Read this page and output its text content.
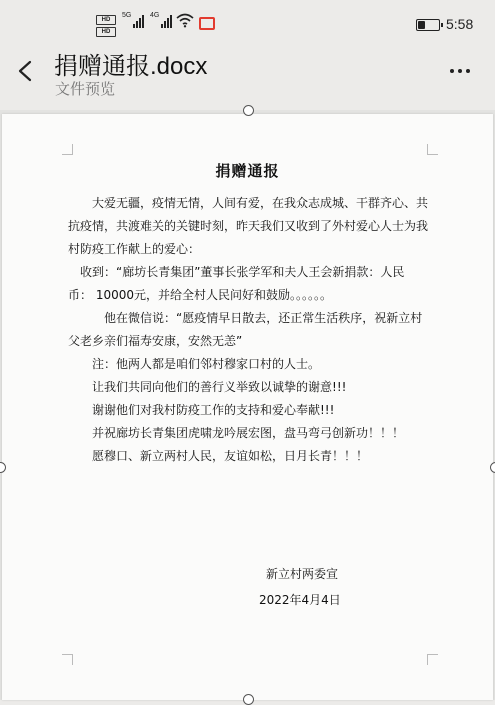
HD
HD
5G	4G
5:58
捐赠通报.docx
文件预览
捐赠通报

　　大爱无疆，疫情无情，人间有爱，在我众志成城、干群齐心、共抗疫情，共渡难关的关键时刻，昨天我们又收到了外村爱心人士为我村防疫工作献上的爱心：

　收到：“廊坊长青集团”董事长张学军和夫人王会新捐款：人民币： 10000元，并给全村人民问好和鼓励。。。。。。

　　　他在微信说：“愿疫情早日散去，还正常生活秩序，祝新立村父老乡亲们福寿安康，安然无恙”

　　注：他两人都是咱们邻村穆家口村的人士。

　　让我们共同向他们的善行义举致以诚挚的谢意!!!

　　谢谢他们对我村防疫工作的支持和爱心奉献!!!

　　并祝廊坊长青集团虎啸龙吟展宏图，盘马弯弓创新功！！！

　　愿穆口、新立两村人民，友谊如松，日月长青！！！

新立村两委宣
2022年4月4日
